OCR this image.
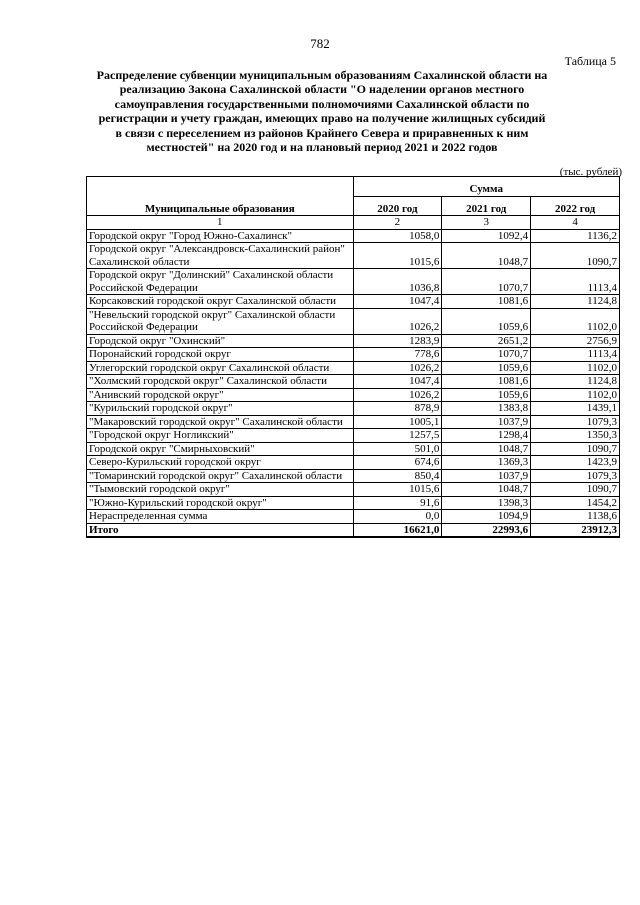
782
Таблица 5
Распределение субвенции муниципальным образованиям Сахалинской области на реализацию Закона Сахалинской области "О наделении органов местного самоуправления государственными полномочиями Сахалинской области по регистрации и учету граждан, имеющих право на получение жилищных субсидий в связи с переселением из районов Крайнего Севера и приравненных к ним местностей" на 2020 год и на плановый период 2021 и 2022 годов
(тыс. рублей)
Муниципальные образования	Сумма		
	2020 год	2021 год	2022 год
1	2	3	4
Городской округ "Город Южно-Сахалинск"	1058,0	1092,4	1136,2
Городской округ "Александровск-Сахалинский район" Сахалинской области	1015,6	1048,7	1090,7
Городской округ "Долинский" Сахалинской области Российской Федерации	1036,8	1070,7	1113,4
Корсаковский городской округ Сахалинской области	1047,4	1081,6	1124,8
"Невельский городской округ" Сахалинской области Российской Федерации	1026,2	1059,6	1102,0
Городской округ "Охинский"	1283,9	2651,2	2756,9
Поронайский городской округ	778,6	1070,7	1113,4
Углегорский городской округ Сахалинской области	1026,2	1059,6	1102,0
"Холмский городской округ" Сахалинской области	1047,4	1081,6	1124,8
"Анивский городской округ"	1026,2	1059,6	1102,0
"Курильский городской округ"	878,9	1383,8	1439,1
"Макаровский городской округ" Сахалинской области	1005,1	1037,9	1079,3
"Городской округ Ногликский"	1257,5	1298,4	1350,3
Городской округ "Смирныховский"	501,0	1048,7	1090,7
Северо-Курильский городской округ	674,6	1369,3	1423,9
"Томаринский городской округ" Сахалинской области	850,4	1037,9	1079,3
"Тымовский городской округ"	1015,6	1048,7	1090,7
"Южно-Курильский городской округ"	91,6	1398,3	1454,2
Нераспределенная сумма	0,0	1094,9	1138,6
Итого	16621,0	22993,6	23912,3
